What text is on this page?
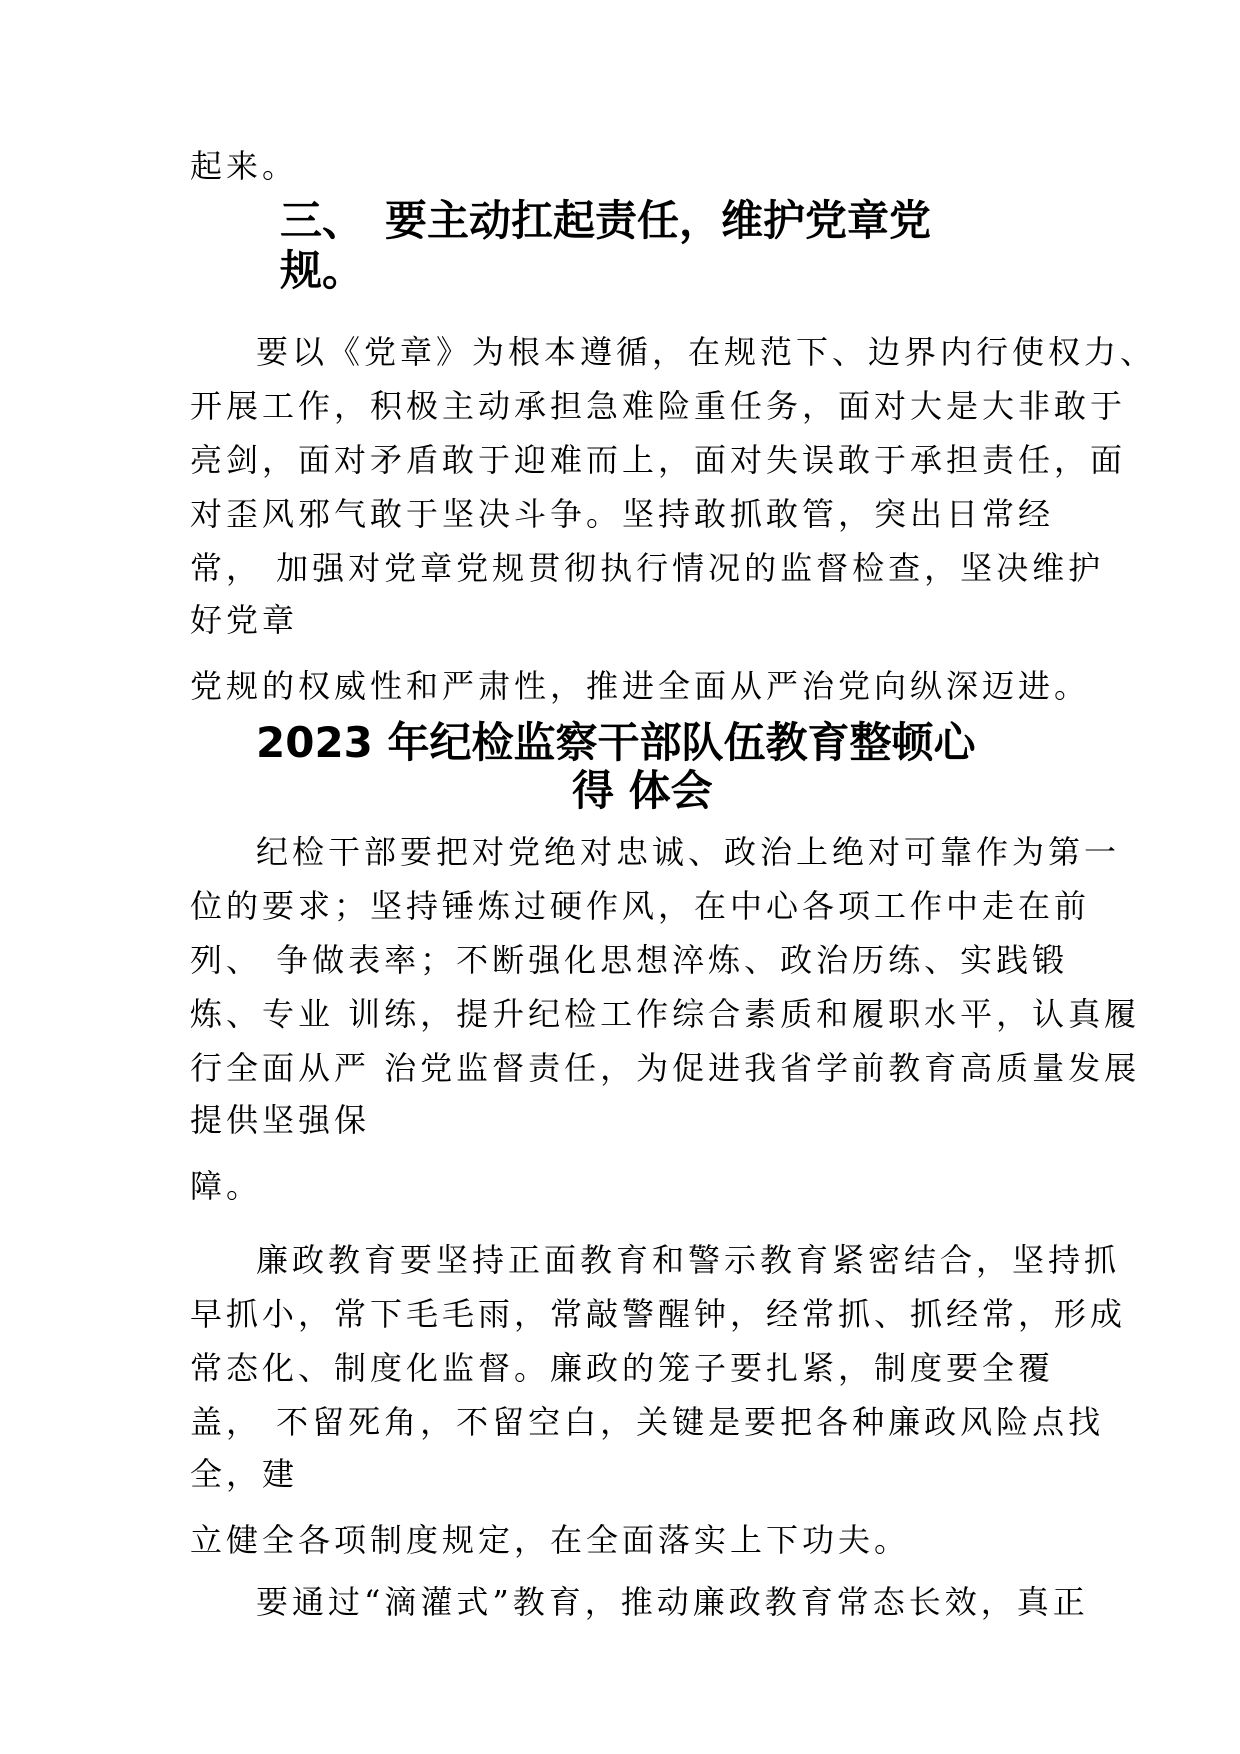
起来。
三、　要主动扛起责任，维护党章党
规。
要以《党章》为根本遵循，在规范下、边界内行使权力、
开展工作，积极主动承担急难险重任务，面对大是大非敢于
亮剑，面对矛盾敢于迎难而上，面对失误敢于承担责任，面
对歪风邪气敢于坚决斗争。坚持敢抓敢管，突出日常经
常， 加强对党章党规贯彻执行情况的监督检查，坚决维护
好党章
党规的权威性和严肃性，推进全面从严治党向纵深迈进。
2023 年纪检监察干部队伍教育整顿心
得 体会
纪检干部要把对党绝对忠诚、政治上绝对可靠作为第一
位的要求；坚持锤炼过硬作风，在中心各项工作中走在前
列、 争做表率；不断强化思想淬炼、政治历练、实践锻
炼、专业 训练，提升纪检工作综合素质和履职水平，认真履
行全面从严 治党监督责任，为促进我省学前教育高质量发展
提供坚强保
障。
廉政教育要坚持正面教育和警示教育紧密结合，坚持抓
早抓小，常下毛毛雨，常敲警醒钟，经常抓、抓经常，形成
常态化、制度化监督。廉政的笼子要扎紧，制度要全覆
盖， 不留死角，不留空白，关键是要把各种廉政风险点找
全，建
立健全各项制度规定，在全面落实上下功夫。
要通过“滴灌式”教育，推动廉政教育常态长效，真正
